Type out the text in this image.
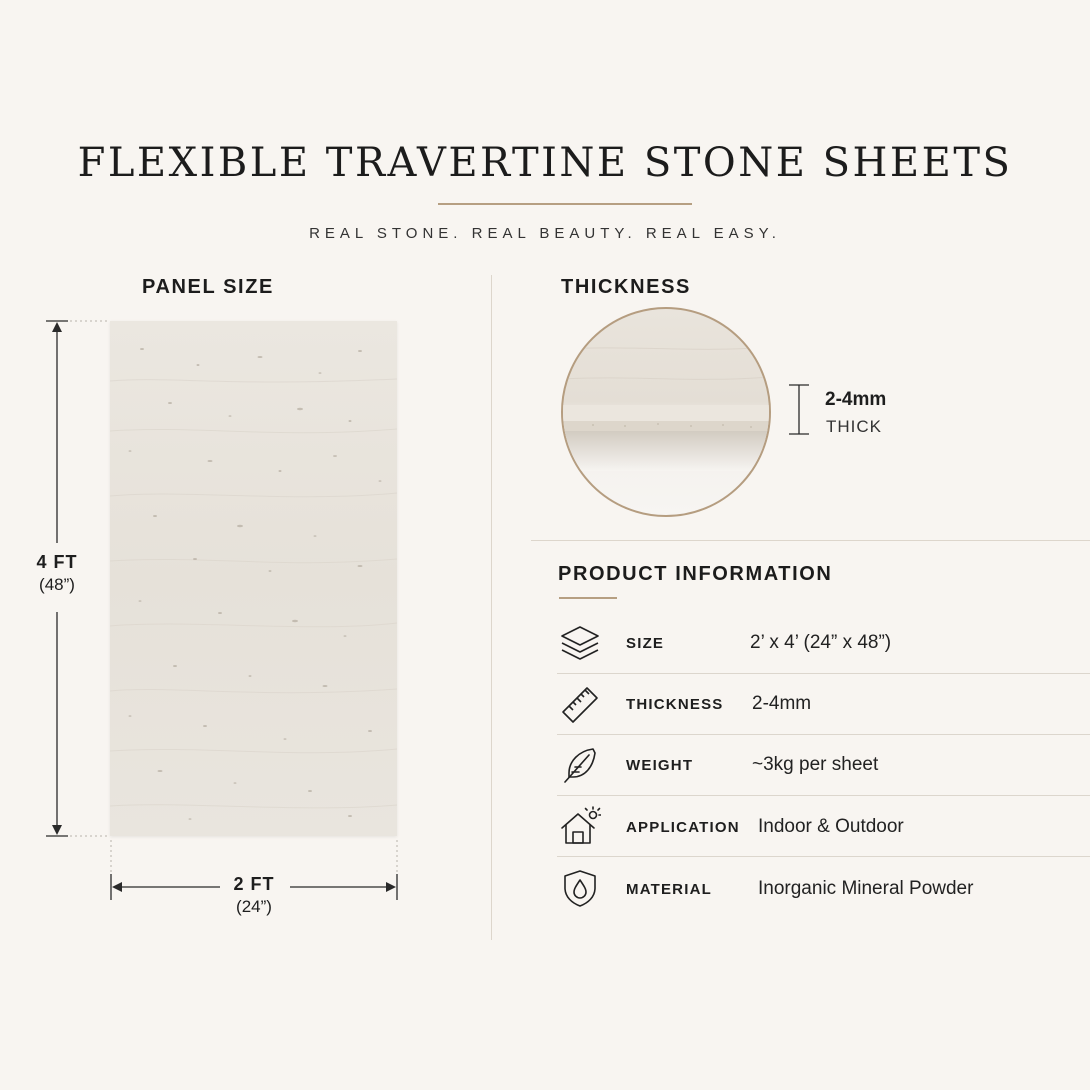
FLEXIBLE TRAVERTINE STONE SHEETS
REAL STONE. REAL BEAUTY. REAL EASY.
PANEL SIZE	THICKNESS
4 FT
(48”)
2 FT
(24”)
2-4mm
THICK
PRODUCT INFORMATION
SIZE	2’ x 4’ (24” x 48”)
THICKNESS 2-4mm
WEIGHT	~3kg per sheet
APPLICATION Indoor & Outdoor
MATERIAL Inorganic Mineral Powder
